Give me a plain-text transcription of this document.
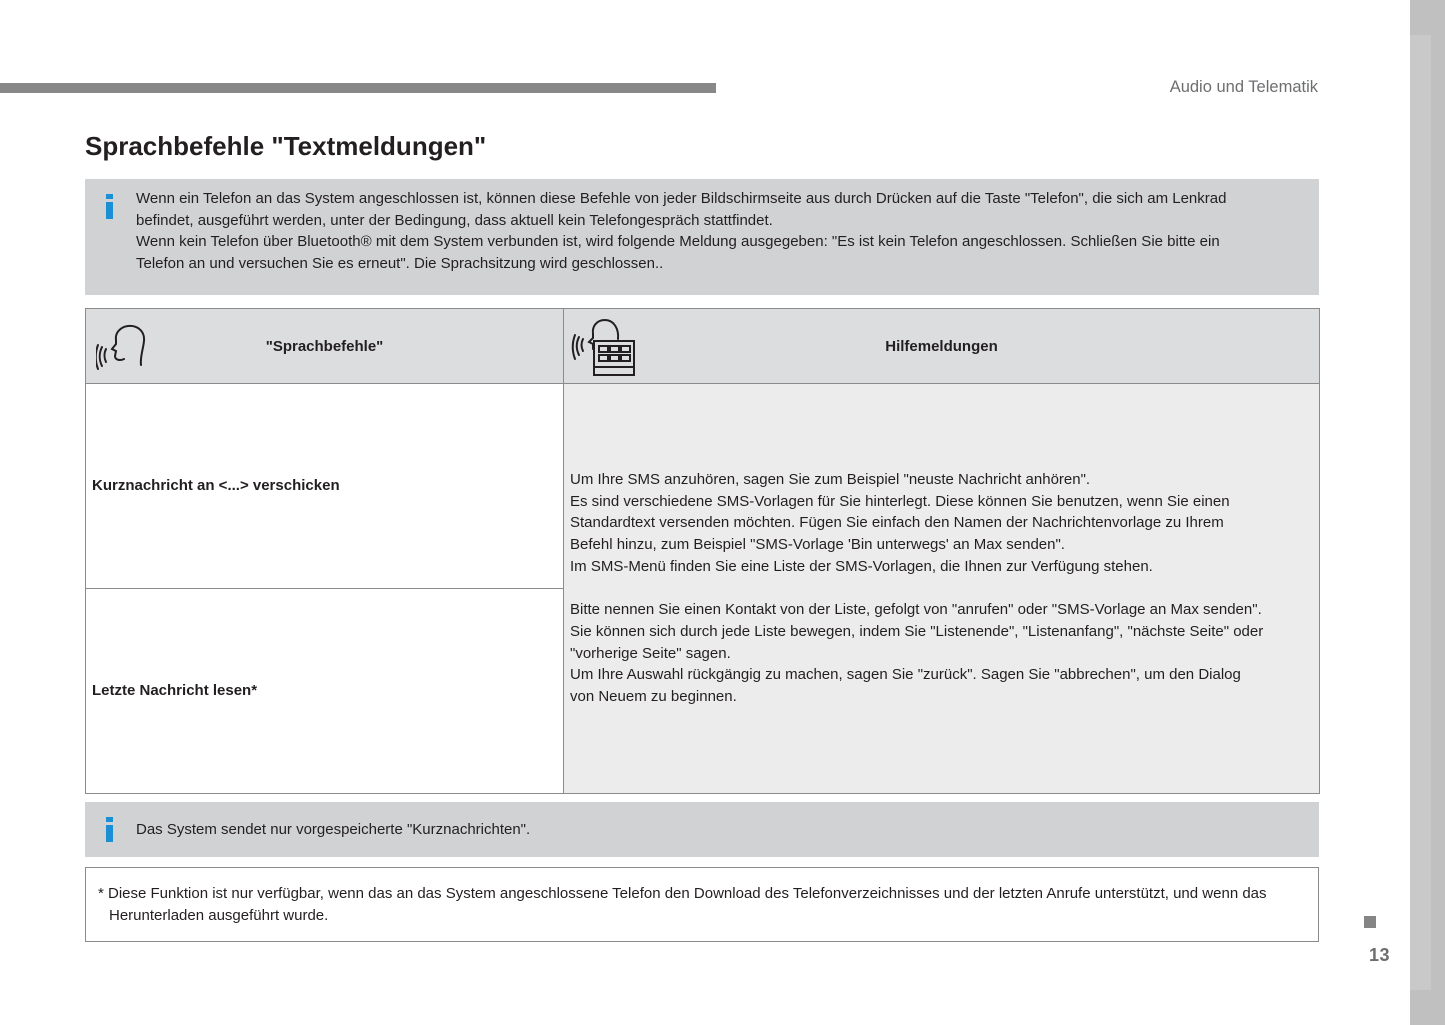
Audio und Telematik
13
Sprachbefehle "Textmeldungen"
Wenn ein Telefon an das System angeschlossen ist, können diese Befehle von jeder Bildschirmseite aus durch Drücken auf die Taste "Telefon", die sich am Lenkrad
befindet, ausgeführt werden, unter der Bedingung, dass aktuell kein Telefongespräch stattfindet.
Wenn kein Telefon über Bluetooth® mit dem System verbunden ist, wird folgende Meldung ausgegeben: "Es ist kein Telefon angeschlossen. Schließen Sie bitte ein
Telefon an und versuchen Sie es erneut". Die Sprachsitzung wird geschlossen..
"Sprachbefehle"	Hilfemeldungen

Kurznachricht an <...> verschicken	Um Ihre SMS anzuhören, sagen Sie zum Beispiel "neuste Nachricht anhören".
Es sind verschiedene SMS-Vorlagen für Sie hinterlegt. Diese können Sie benutzen, wenn Sie einen
Standardtext versenden möchten. Fügen Sie einfach den Namen der Nachrichtenvorlage zu Ihrem
Befehl hinzu, zum Beispiel "SMS-Vorlage 'Bin unterwegs' an Max senden".
Im SMS-Menü finden Sie eine Liste der SMS-Vorlagen, die Ihnen zur Verfügung stehen.
Bitte nennen Sie einen Kontakt von der Liste, gefolgt von "anrufen" oder "SMS-Vorlage an Max senden".
Sie können sich durch jede Liste bewegen, indem Sie "Listenende", "Listenanfang", "nächste Seite" oder
"vorherige Seite" sagen.
Um Ihre Auswahl rückgängig zu machen, sagen Sie "zurück". Sagen Sie "abbrechen", um den Dialog
von Neuem zu beginnen.

Letzte Nachricht lesen*	
Das System sendet nur vorgespeicherte "Kurznachrichten".
* Diese Funktion ist nur verfügbar, wenn das an das System angeschlossene Telefon den Download des Telefonverzeichnisses und der letzten Anrufe unterstützt, und wenn das Herunterladen ausgeführt wurde.
